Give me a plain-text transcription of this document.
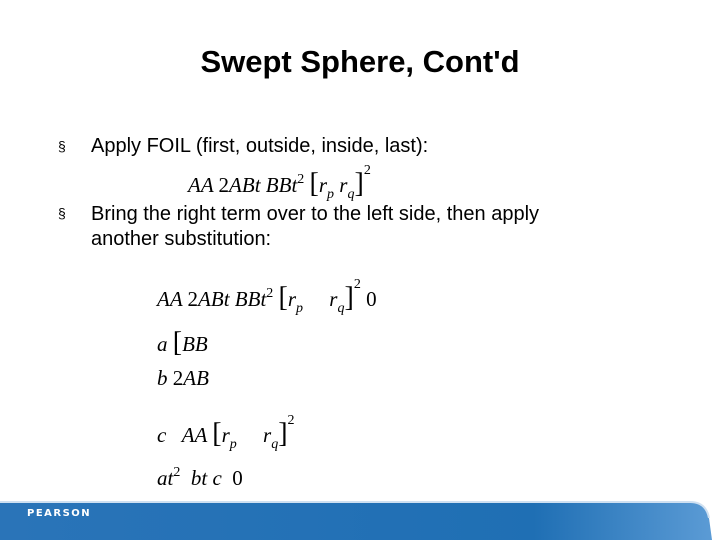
Swept Sphere, Cont'd
§ Apply FOIL (first, outside, inside, last):
AA 2ABt BBt$^2$ [$r_p$ $r_q]^2$
§ Bring the right term over to the left side, then apply
another substitution:
AA 2ABt BBt$^2$ [$r_p$ $r_q]^2$ 0
a [BB
b 2AB
c AA [$r_p$ $r_q]^2$
$at^2$ bt c 0
PEARSON
